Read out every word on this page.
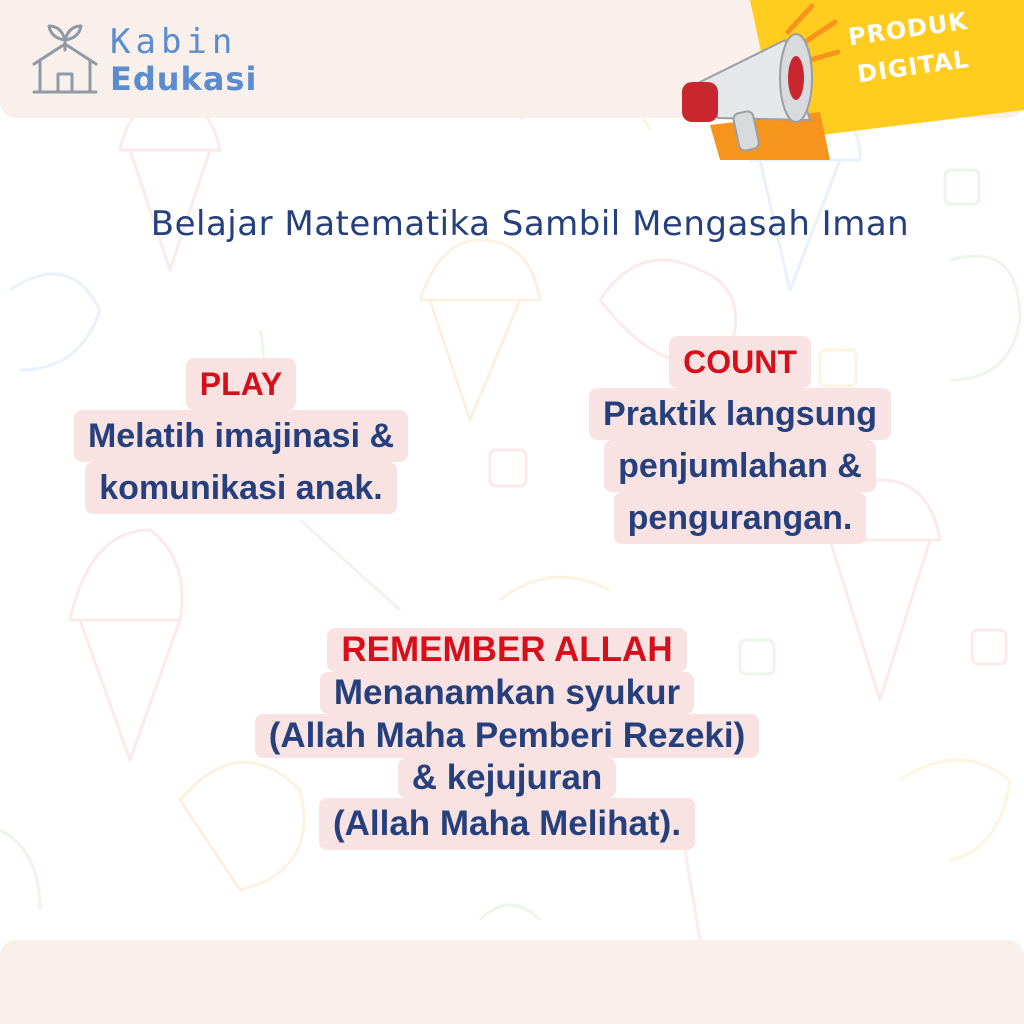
Kabin
Edukasi
PRODUK
DIGITAL
Belajar Matematika Sambil Mengasah Iman
PLAY
Melatih imajinasi &
komunikasi anak.
COUNT
Praktik langsung
penjumlahan &
pengurangan.
REMEMBER ALLAH
Menanamkan syukur
(Allah Maha Pemberi Rezeki)
& kejujuran
(Allah Maha Melihat).
